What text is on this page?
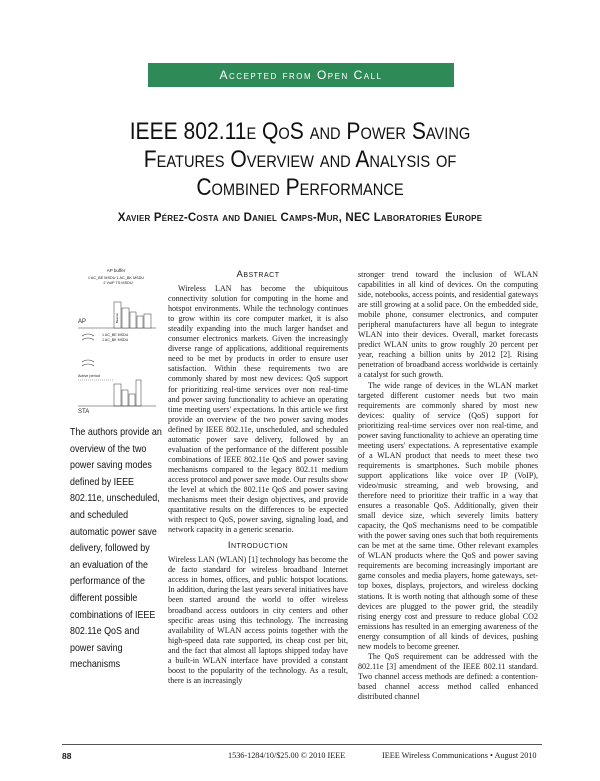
Accepted from Open Call
IEEE 802.11e QoS and Power Saving
Features Overview and Analysis of
Combined Performance
Xavier Pérez-Costa and Daniel Camps-Mur, NEC Laboratories Europe
AP buffer
1 AC_BE MSDU 1 AC_BK MSDU
2 VoIP TS MSDU
AP	Beacon
1 AC_BE MSDU
1 AC_BK MSDU
Active period
STA
The authors provide an overview of the two power saving modes defined by IEEE 802.11e, unscheduled, and scheduled automatic power save delivery, followed by an evaluation of the performance of the different possible combinations of IEEE 802.11e QoS and power saving mechanisms
Abstract

Wireless LAN has become the ubiquitous connectivity solution for computing in the home and hotspot environments. While the technology continues to grow within its core computer market, it is also steadily expanding into the much larger handset and consumer electronics markets. Given the increasingly diverse range of applications, additional requirements need to be met by products in order to ensure user satisfaction. Within these requirements two are commonly shared by most new devices: QoS support for prioritizing real-time services over non real-time and power saving functionality to achieve an operating time meeting users' expectations. In this article we first provide an overview of the two power saving modes defined by IEEE 802.11e, unscheduled, and scheduled automatic power save delivery, followed by an evaluation of the performance of the different possible combinations of IEEE 802.11e QoS and power saving mechanisms compared to the legacy 802.11 medium access protocol and power save mode. Our results show the level at which the 802.11e QoS and power saving mechanisms meet their design objectives, and provide quantitative results on the differences to be expected with respect to QoS, power saving, signaling load, and network capacity in a generic scenario.

Introduction

Wireless LAN (WLAN) [1] technology has become the de facto standard for wireless broadband Internet access in homes, offices, and public hotspot locations. In addition, during the last years several initiatives have been started around the world to offer wireless broadband access outdoors in city centers and other specific areas using this technology. The increasing availability of WLAN access points together with the high-speed data rate supported, its cheap cost per bit, and the fact that almost all laptops shipped today have a built-in WLAN interface have provided a constant boost to the popularity of the technology. As a result, there is an increasingly

stronger trend toward the inclusion of WLAN capabilities in all kind of devices. On the computing side, notebooks, access points, and residential gateways are still growing at a solid pace. On the embedded side, mobile phone, consumer electronics, and computer peripheral manufacturers have all begun to integrate WLAN into their devices. Overall, market forecasts predict WLAN units to grow roughly 20 percent per year, reaching a billion units by 2012 [2]. Rising penetration of broadband access worldwide is certainly a catalyst for such growth.

The wide range of devices in the WLAN market targeted different customer needs but two main requirements are commonly shared by most new devices: quality of service (QoS) support for prioritizing real-time services over non real-time, and power saving functionality to achieve an operating time meeting users' expectations. A representative example of a WLAN product that needs to meet these two requirements is smartphones. Such mobile phones support applications like voice over IP (VoIP), video/music streaming, and web browsing, and therefore need to prioritize their traffic in a way that ensures a reasonable QoS. Additionally, given their small device size, which severely limits battery capacity, the QoS mechanisms need to be compatible with the power saving ones such that both requirements can be met at the same time. Other relevant examples of WLAN products where the QoS and power saving requirements are becoming increasingly important are game consoles and media players, home gateways, set-top boxes, displays, projectors, and wireless docking stations. It is worth noting that although some of these devices are plugged to the power grid, the steadily rising energy cost and pressure to reduce global CO2 emissions has resulted in an emerging awareness of the energy consumption of all kinds of devices, pushing new models to become greener.

The QoS requirement can be addressed with the 802.11e [3] amendment of the IEEE 802.11 standard. Two channel access methods are defined: a contention-based channel access method called enhanced distributed channel

88	1536-1284/10/$25.00 © 2010 IEEE	IEEE Wireless Communications • August 2010
